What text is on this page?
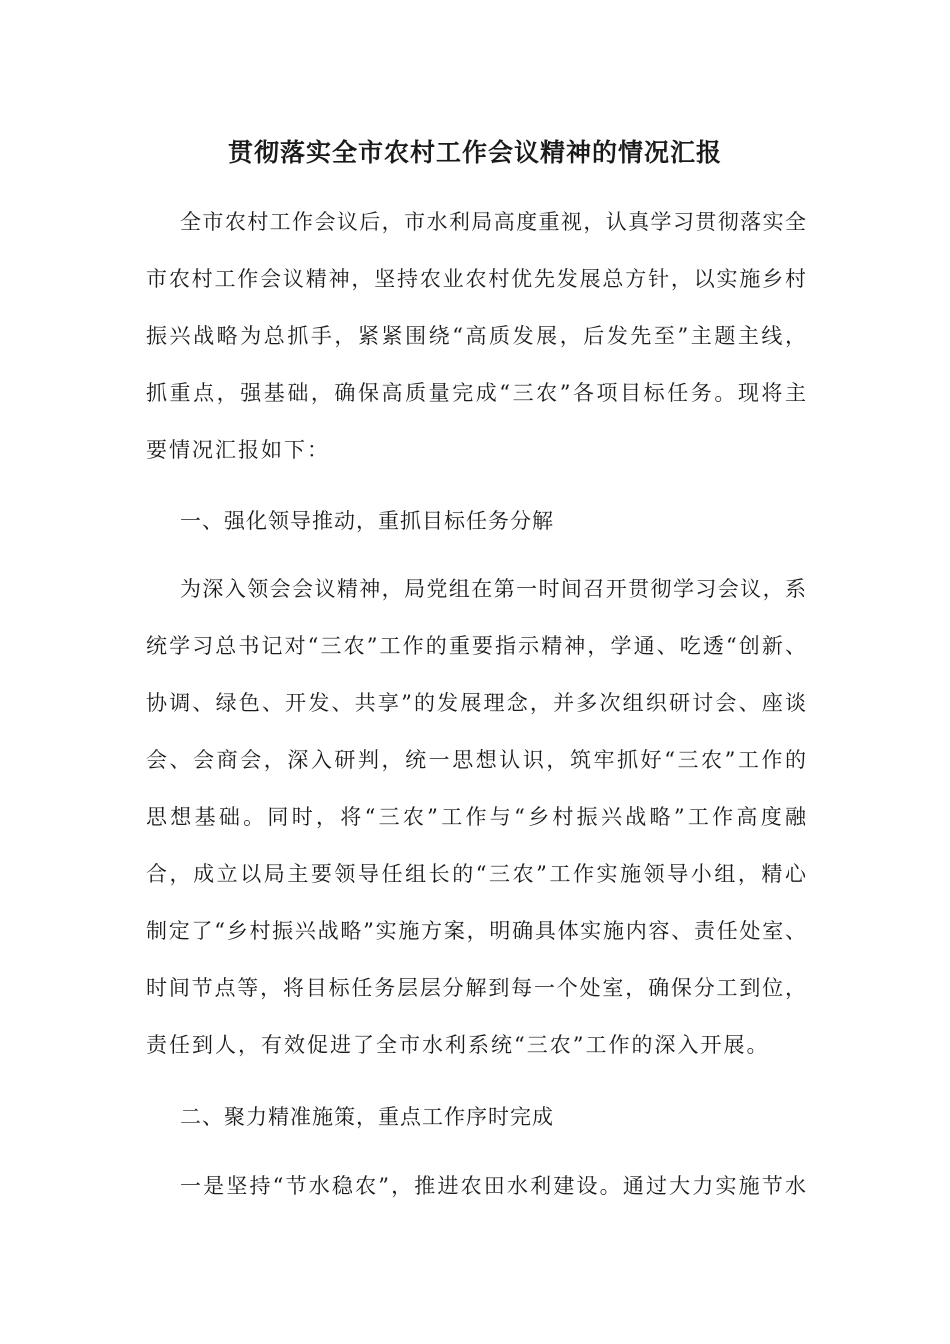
贯彻落实全市农村工作会议精神的情况汇报

全市农村工作会议后，市水利局高度重视，认真学习贯彻落实全

市农村工作会议精神，坚持农业农村优先发展总方针，以实施乡村

振兴战略为总抓手，紧紧围绕“高质发展，后发先至”主题主线，

抓重点，强基础，确保高质量完成“三农”各项目标任务。现将主

要情况汇报如下：

一、强化领导推动，重抓目标任务分解

为深入领会会议精神，局党组在第一时间召开贯彻学习会议，系

统学习总书记对“三农”工作的重要指示精神，学通、吃透“创新、

协调、绿色、开发、共享”的发展理念，并多次组织研讨会、座谈

会、会商会，深入研判，统一思想认识，筑牢抓好“三农”工作的

思想基础。同时，将“三农”工作与“乡村振兴战略”工作高度融

合，成立以局主要领导任组长的“三农”工作实施领导小组，精心

制定了“乡村振兴战略”实施方案，明确具体实施内容、责任处室、

时间节点等，将目标任务层层分解到每一个处室，确保分工到位，

责任到人，有效促进了全市水利系统“三农”工作的深入开展。

二、聚力精准施策，重点工作序时完成

一是坚持“节水稳农”，推进农田水利建设。通过大力实施节水
